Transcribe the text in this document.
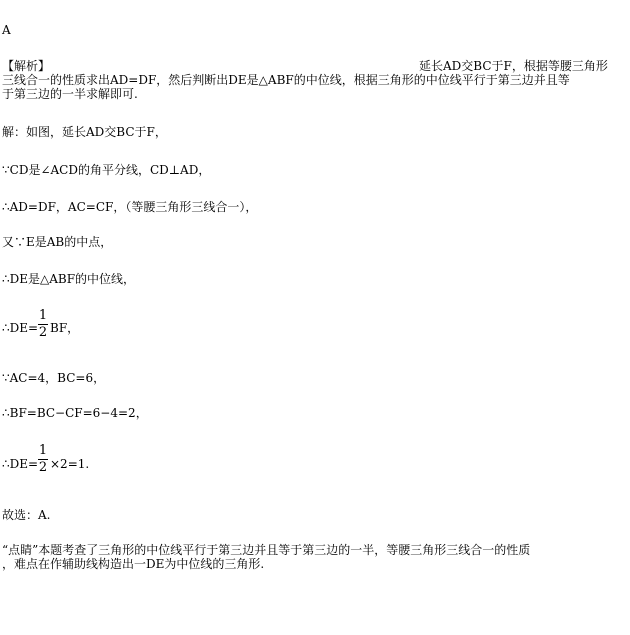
A
【解析】	延长AD交BC于F，根据等腰三角形
三线合一的性质求出AD=DF，然后判断出DE是△ABF的中位线，根据三角形的中位线平行于第三边并且等
于第三边的一半求解即可.
解：如图，延长AD交BC于F，
∵CD是∠ACD的角平分线，CD⊥AD，
∴AD=DF，AC=CF，（等腰三角形三线合一），
又∵E是AB的中点，
∴DE是△ABF的中位线，
∴DE=
1
2 BF，
∵AC=4，BC=6，
∴BF=BC−CF=6−4=2，
∴DE=
1
2 ×2=1.
故选：A.
“点睛”本题考查了三角形的中位线平行于第三边并且等于第三边的一半，等腰三角形三线合一的性质
，难点在作辅助线构造出一DE为中位线的三角形.
